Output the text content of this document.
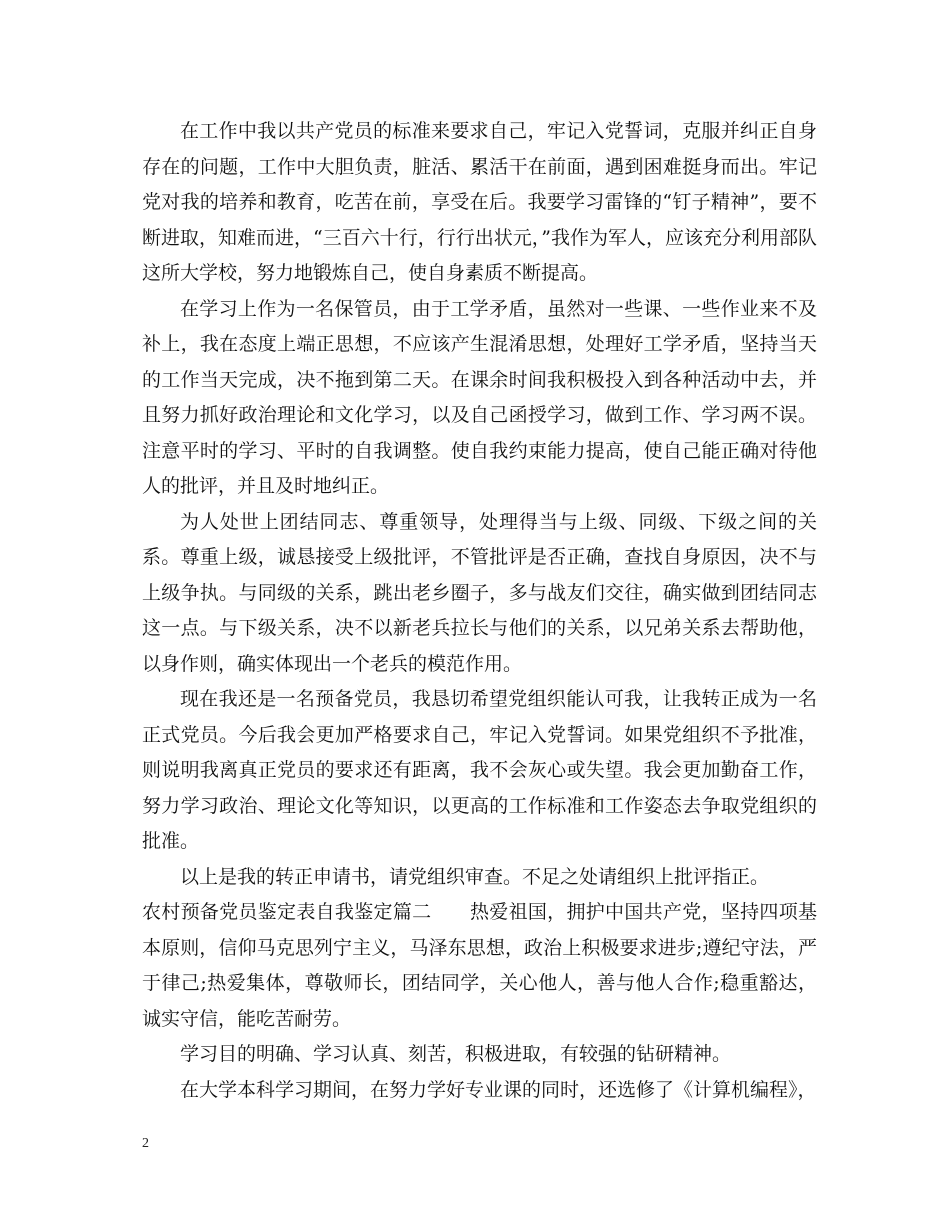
在工作中我以共产党员的标准来要求自己，牢记入党誓词，克服并纠正自身存在的问题，工作中大胆负责，脏活、累活干在前面，遇到困难挺身而出。牢记党对我的培养和教育，吃苦在前，享受在后。我要学习雷锋的“钉子精神”，要不断进取，知难而进，“三百六十行，行行出状元，”我作为军人，应该充分利用部队这所大学校，努力地锻炼自己，使自身素质不断提高。

在学习上作为一名保管员，由于工学矛盾，虽然对一些课、一些作业来不及补上，我在态度上端正思想，不应该产生混淆思想，处理好工学矛盾，坚持当天的工作当天完成，决不拖到第二天。在课余时间我积极投入到各种活动中去，并且努力抓好政治理论和文化学习，以及自己函授学习，做到工作、学习两不误。注意平时的学习、平时的自我调整。使自我约束能力提高，使自己能正确对待他人的批评，并且及时地纠正。

为人处世上团结同志、尊重领导，处理得当与上级、同级、下级之间的关系。尊重上级，诚恳接受上级批评，不管批评是否正确，查找自身原因，决不与上级争执。与同级的关系，跳出老乡圈子，多与战友们交往，确实做到团结同志这一点。与下级关系，决不以新老兵拉长与他们的关系，以兄弟关系去帮助他，以身作则，确实体现出一个老兵的模范作用。

现在我还是一名预备党员，我恳切希望党组织能认可我，让我转正成为一名正式党员。今后我会更加严格要求自己，牢记入党誓词。如果党组织不予批准，则说明我离真正党员的要求还有距离，我不会灰心或失望。我会更加勤奋工作，努力学习政治、理论文化等知识，以更高的工作标准和工作姿态去争取党组织的批准。

以上是我的转正申请书，请党组织审查。不足之处请组织上批评指正。

农村预备党员鉴定表自我鉴定篇二　　热爱祖国，拥护中国共产党，坚持四项基本原则，信仰马克思列宁主义，马泽东思想，政治上积极要求进步;遵纪守法，严于律己;热爱集体，尊敬师长，团结同学，关心他人，善与他人合作;稳重豁达，诚实守信，能吃苦耐劳。

学习目的明确、学习认真、刻苦，积极进取，有较强的钻研精神。

在大学本科学习期间，在努力学好专业课的同时，还选修了《计算机编程》，

2
